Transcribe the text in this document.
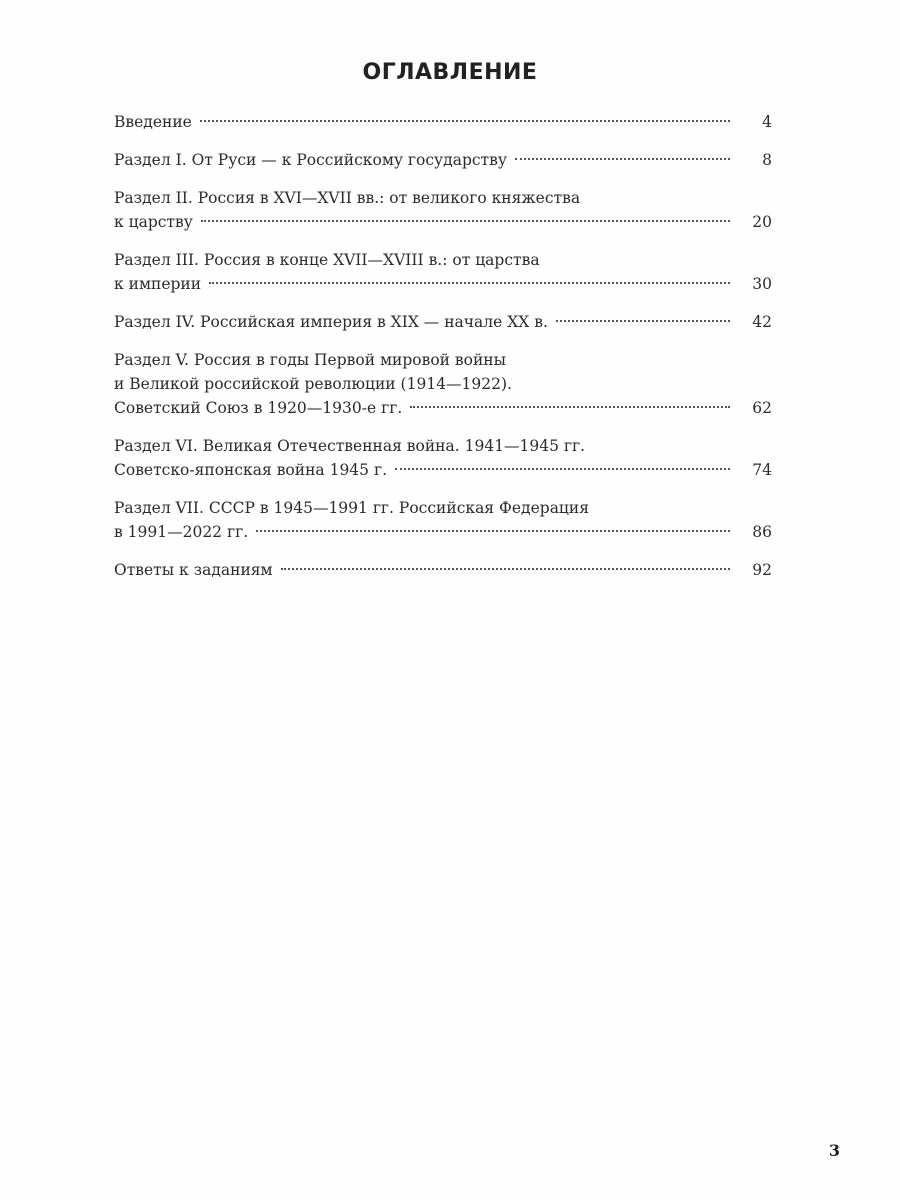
ОГЛАВЛЕНИЕ
Введение	4
Раздел I. От Руси — к Российскому государству	8
Раздел II. Россия в XVI—XVII вв.: от великого княжества
к царству	20
Раздел III. Россия в конце XVII—XVIII в.: от царства
к империи	30
Раздел IV. Российская империя в XIX — начале XX в.	42
Раздел V. Россия в годы Первой мировой войны
и Великой российской революции (1914—1922).
Советский Союз в 1920—1930-е гг.	62
Раздел VI. Великая Отечественная война. 1941—1945 гг.
Советско-японская война 1945 г.	74
Раздел VII. СССР в 1945—1991 гг. Российская Федерация
в 1991—2022 гг.	86
Ответы к заданиям	92
3
